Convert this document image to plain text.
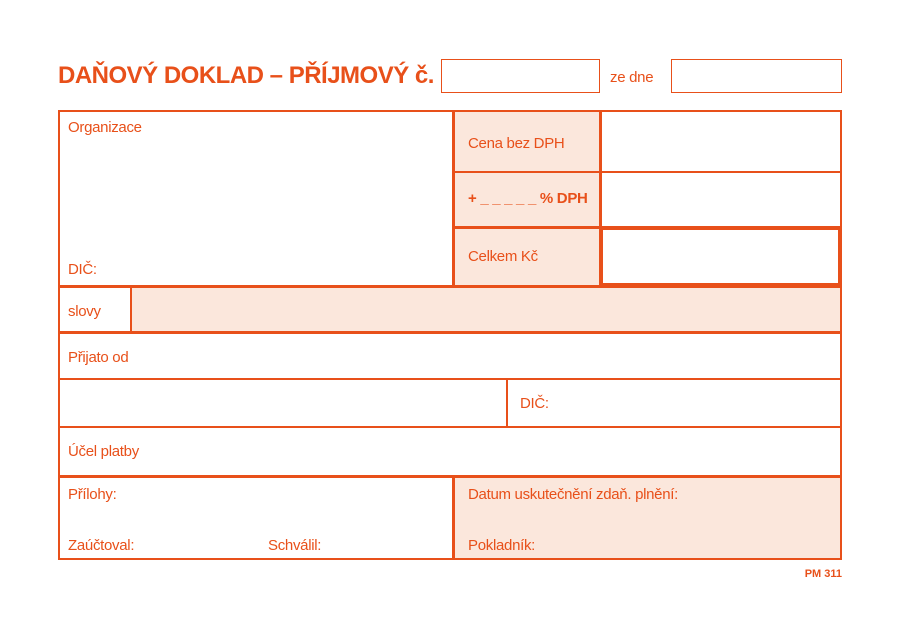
DAŇOVÝ DOKLAD – PŘÍJMOVÝ č.	ze dne
Organizace
DIČ:
Cena bez DPH
+ _ _ _ _ _ % DPH
Celkem Kč
slovy
Přijato od
DIČ:
Účel platby
Přílohy:
Zaúčtoval:	Schválil:
Datum uskutečnění zdaň. plnění:
Pokladník:
PM 311
